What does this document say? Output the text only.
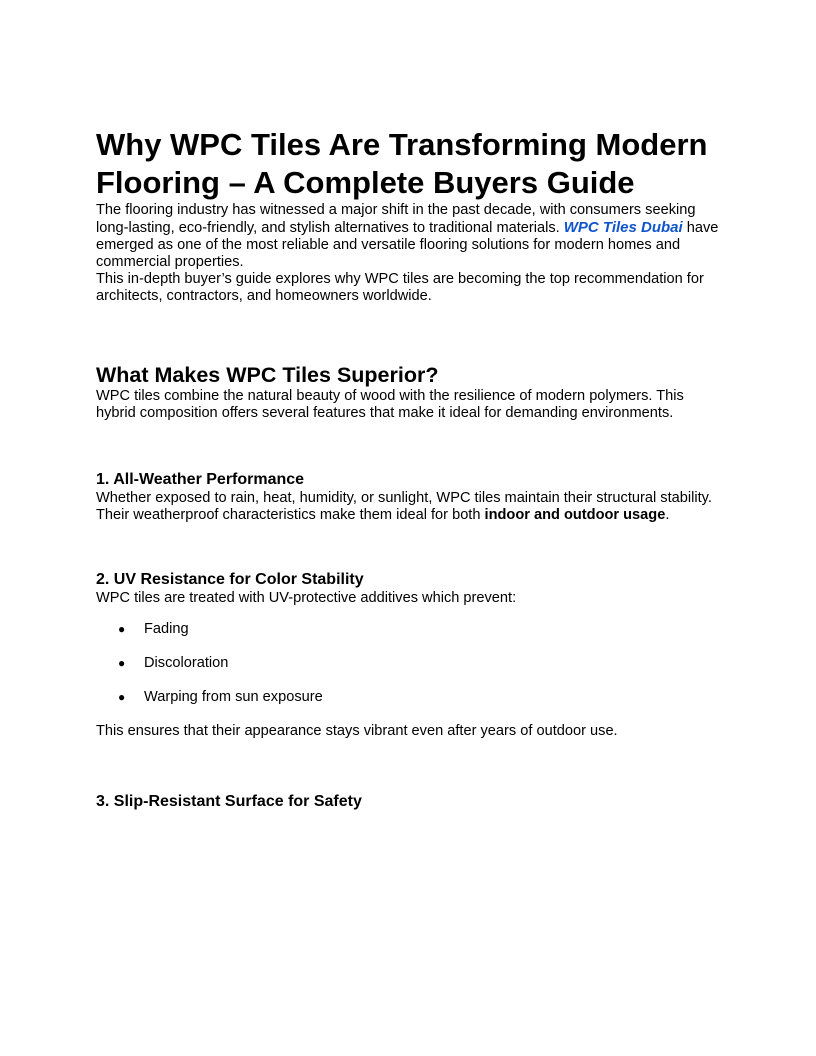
Why WPC Tiles Are Transforming Modern Flooring – A Complete Buyers Guide

The flooring industry has witnessed a major shift in the past decade, with consumers seeking long-lasting, eco-friendly, and stylish alternatives to traditional materials. WPC Tiles Dubai have emerged as one of the most reliable and versatile flooring solutions for modern homes and commercial properties.

This in-depth buyer’s guide explores why WPC tiles are becoming the top recommendation for architects, contractors, and homeowners worldwide.

What Makes WPC Tiles Superior?

WPC tiles combine the natural beauty of wood with the resilience of modern polymers. This hybrid composition offers several features that make it ideal for demanding environments.

1. All-Weather Performance

Whether exposed to rain, heat, humidity, or sunlight, WPC tiles maintain their structural stability. Their weatherproof characteristics make them ideal for both indoor and outdoor usage.

2. UV Resistance for Color Stability

WPC tiles are treated with UV-protective additives which prevent:

● Fading
● Discoloration
● Warping from sun exposure

This ensures that their appearance stays vibrant even after years of outdoor use.

3. Slip-Resistant Surface for Safety
